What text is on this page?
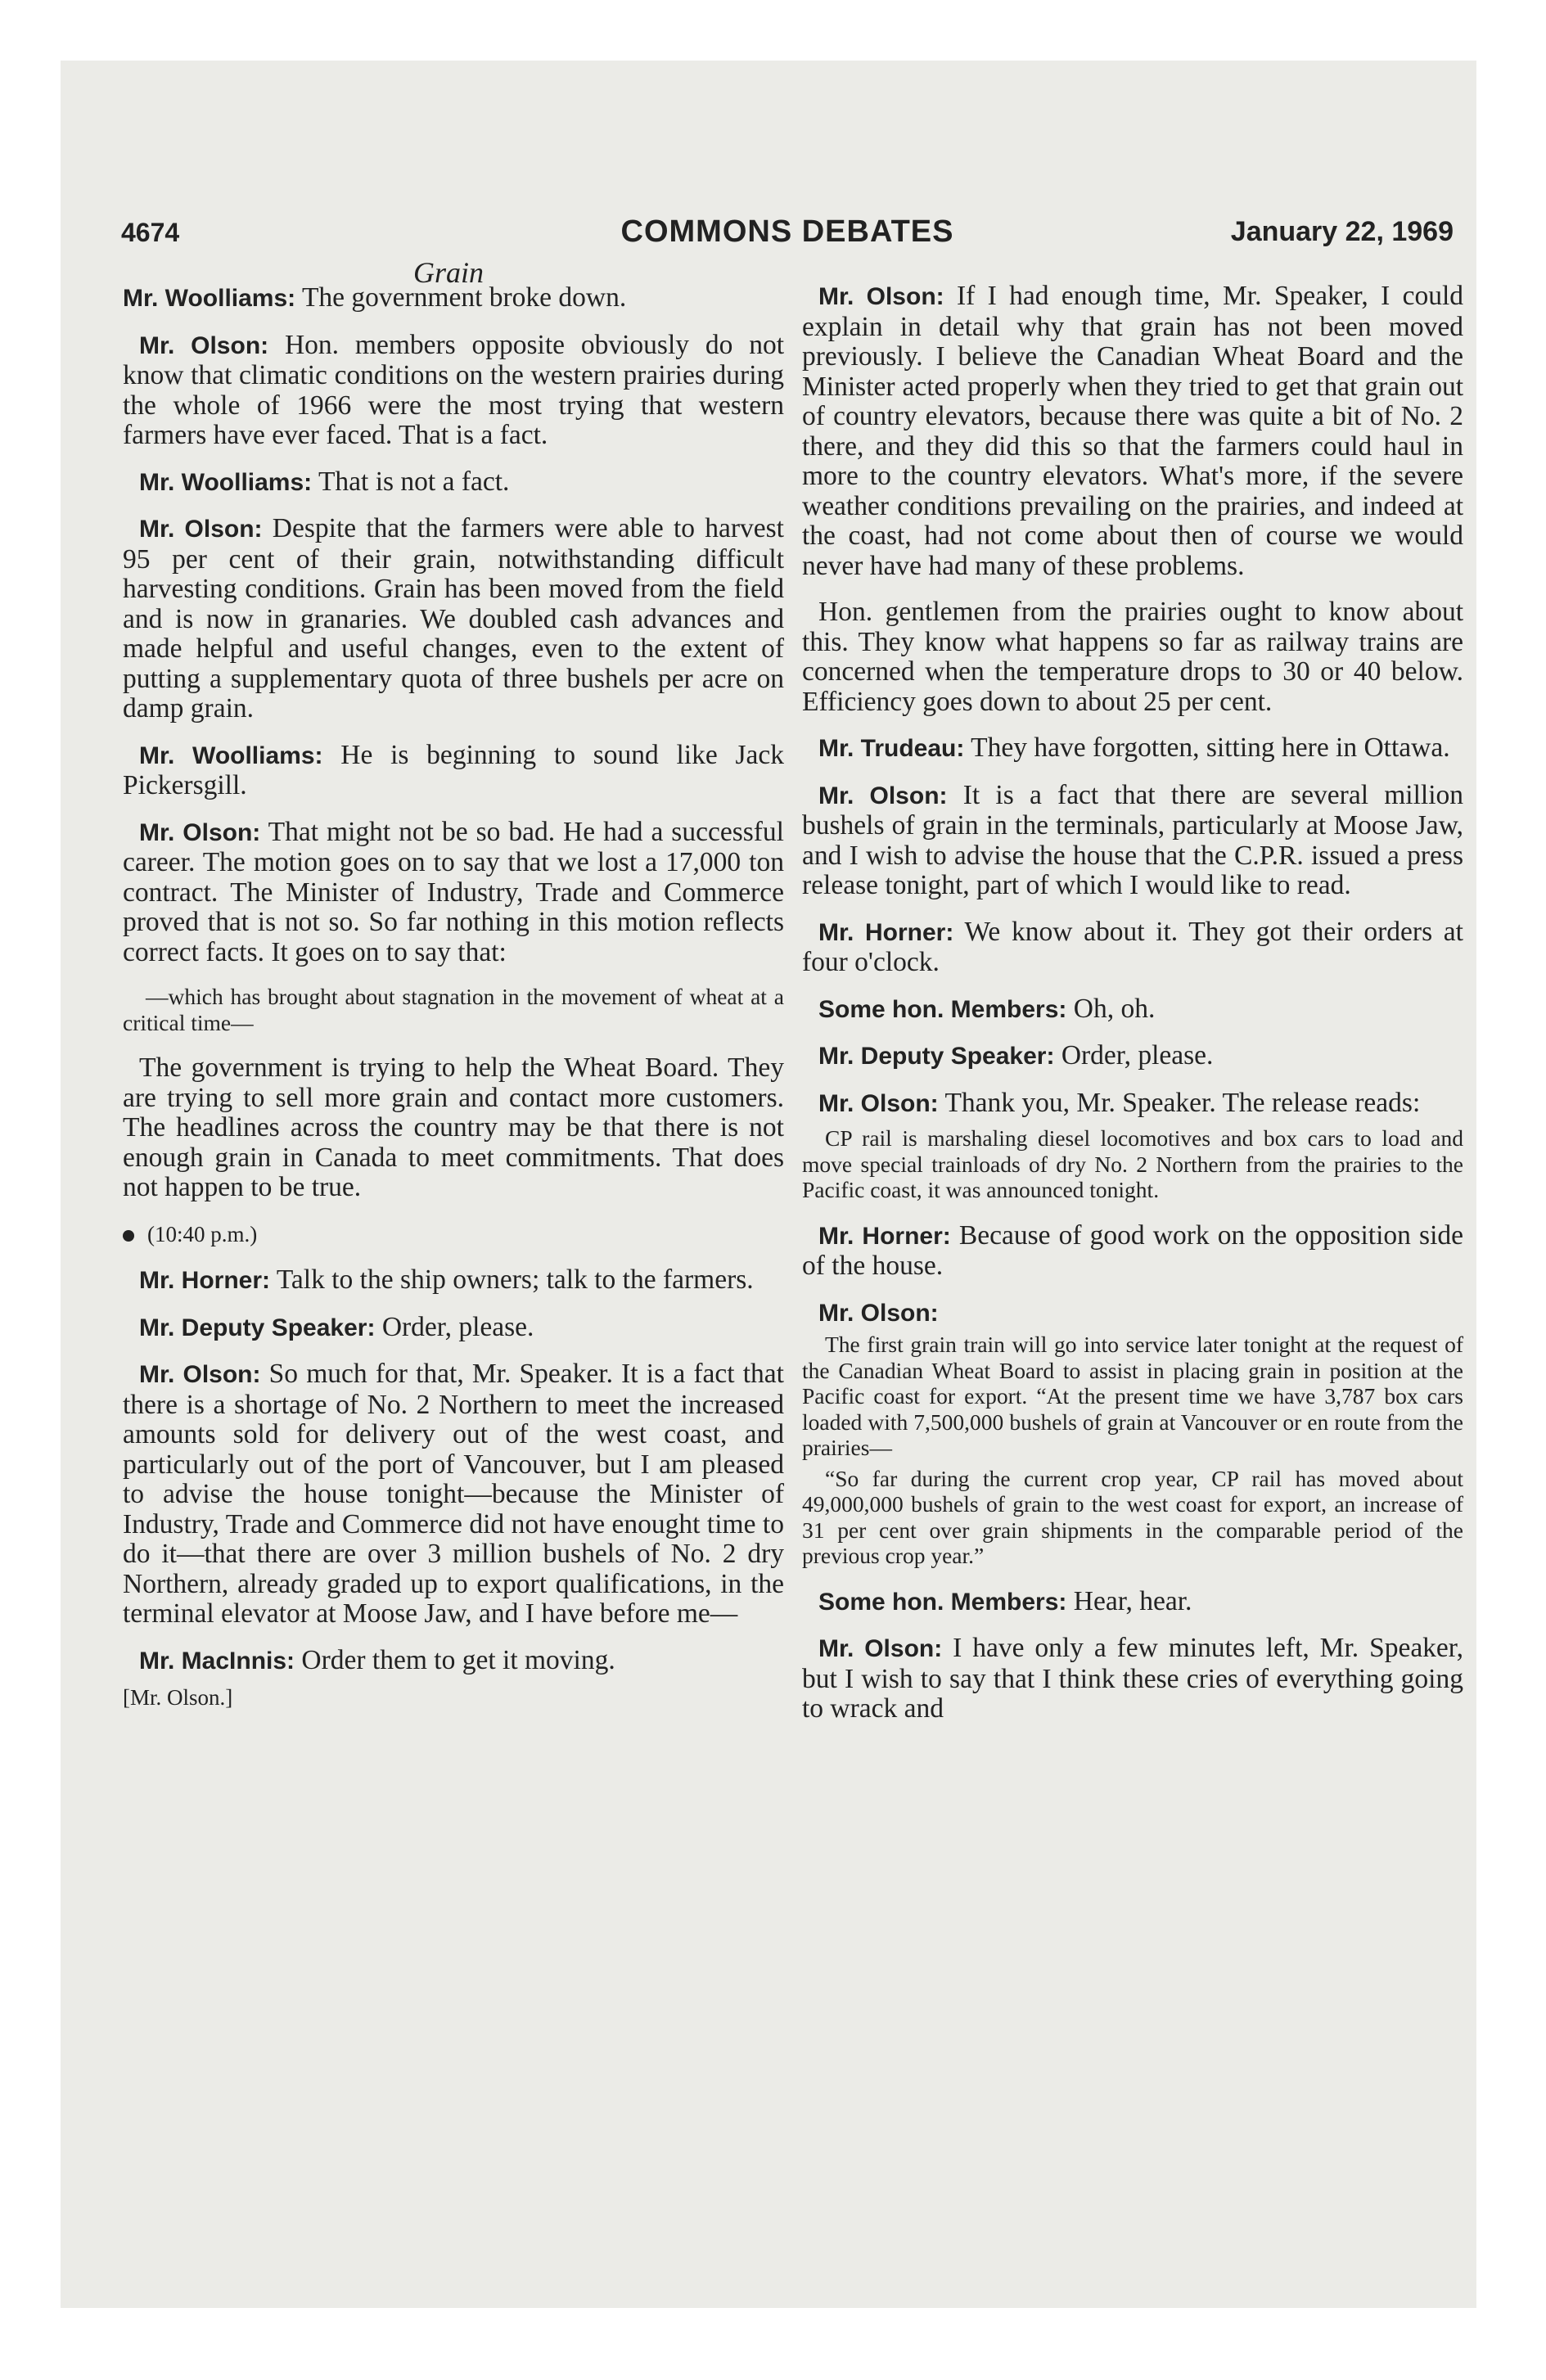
4674	COMMONS DEBATES	January 22, 1969
Grain

Mr. Woolliams: The government broke down.

Mr. Olson: Hon. members opposite obviously do not know that climatic conditions on the western prairies during the whole of 1966 were the most trying that western farmers have ever faced. That is a fact.

Mr. Woolliams: That is not a fact.

Mr. Olson: Despite that the farmers were able to harvest 95 per cent of their grain, notwithstanding difficult harvesting conditions. Grain has been moved from the field and is now in granaries. We doubled cash advances and made helpful and useful changes, even to the extent of putting a supplementary quota of three bushels per acre on damp grain.

Mr. Woolliams: He is beginning to sound like Jack Pickersgill.

Mr. Olson: That might not be so bad. He had a successful career. The motion goes on to say that we lost a 17,000 ton contract. The Minister of Industry, Trade and Commerce proved that is not so. So far nothing in this motion reflects correct facts. It goes on to say that:

—which has brought about stagnation in the movement of wheat at a critical time—

The government is trying to help the Wheat Board. They are trying to sell more grain and contact more customers. The headlines across the country may be that there is not enough grain in Canada to meet commitments. That does not happen to be true.

(10:40 p.m.)

Mr. Horner: Talk to the ship owners; talk to the farmers.

Mr. Deputy Speaker: Order, please.

Mr. Olson: So much for that, Mr. Speaker. It is a fact that there is a shortage of No. 2 Northern to meet the increased amounts sold for delivery out of the west coast, and particularly out of the port of Vancouver, but I am pleased to advise the house tonight—because the Minister of Industry, Trade and Commerce did not have enought time to do it—that there are over 3 million bushels of No. 2 dry Northern, already graded up to export qualifications, in the terminal elevator at Moose Jaw, and I have before me—

Mr. MacInnis: Order them to get it moving.

[Mr. Olson.]

Mr. Olson: If I had enough time, Mr. Speaker, I could explain in detail why that grain has not been moved previously. I believe the Canadian Wheat Board and the Minister acted properly when they tried to get that grain out of country elevators, because there was quite a bit of No. 2 there, and they did this so that the farmers could haul in more to the country elevators. What's more, if the severe weather conditions prevailing on the prairies, and indeed at the coast, had not come about then of course we would never have had many of these problems.

Hon. gentlemen from the prairies ought to know about this. They know what happens so far as railway trains are concerned when the temperature drops to 30 or 40 below. Efficiency goes down to about 25 per cent.

Mr. Trudeau: They have forgotten, sitting here in Ottawa.

Mr. Olson: It is a fact that there are several million bushels of grain in the terminals, particularly at Moose Jaw, and I wish to advise the house that the C.P.R. issued a press release tonight, part of which I would like to read.

Mr. Horner: We know about it. They got their orders at four o'clock.

Some hon. Members: Oh, oh.

Mr. Deputy Speaker: Order, please.

Mr. Olson: Thank you, Mr. Speaker. The release reads:

CP rail is marshaling diesel locomotives and box cars to load and move special trainloads of dry No. 2 Northern from the prairies to the Pacific coast, it was announced tonight.

Mr. Horner: Because of good work on the opposition side of the house.

Mr. Olson:

The first grain train will go into service later tonight at the request of the Canadian Wheat Board to assist in placing grain in position at the Pacific coast for export. “At the present time we have 3,787 box cars loaded with 7,500,000 bushels of grain at Vancouver or en route from the prairies—
“So far during the current crop year, CP rail has moved about 49,000,000 bushels of grain to the west coast for export, an increase of 31 per cent over grain shipments in the comparable period of the previous crop year.”

Some hon. Members: Hear, hear.

Mr. Olson: I have only a few minutes left, Mr. Speaker, but I wish to say that I think these cries of everything going to wrack and
